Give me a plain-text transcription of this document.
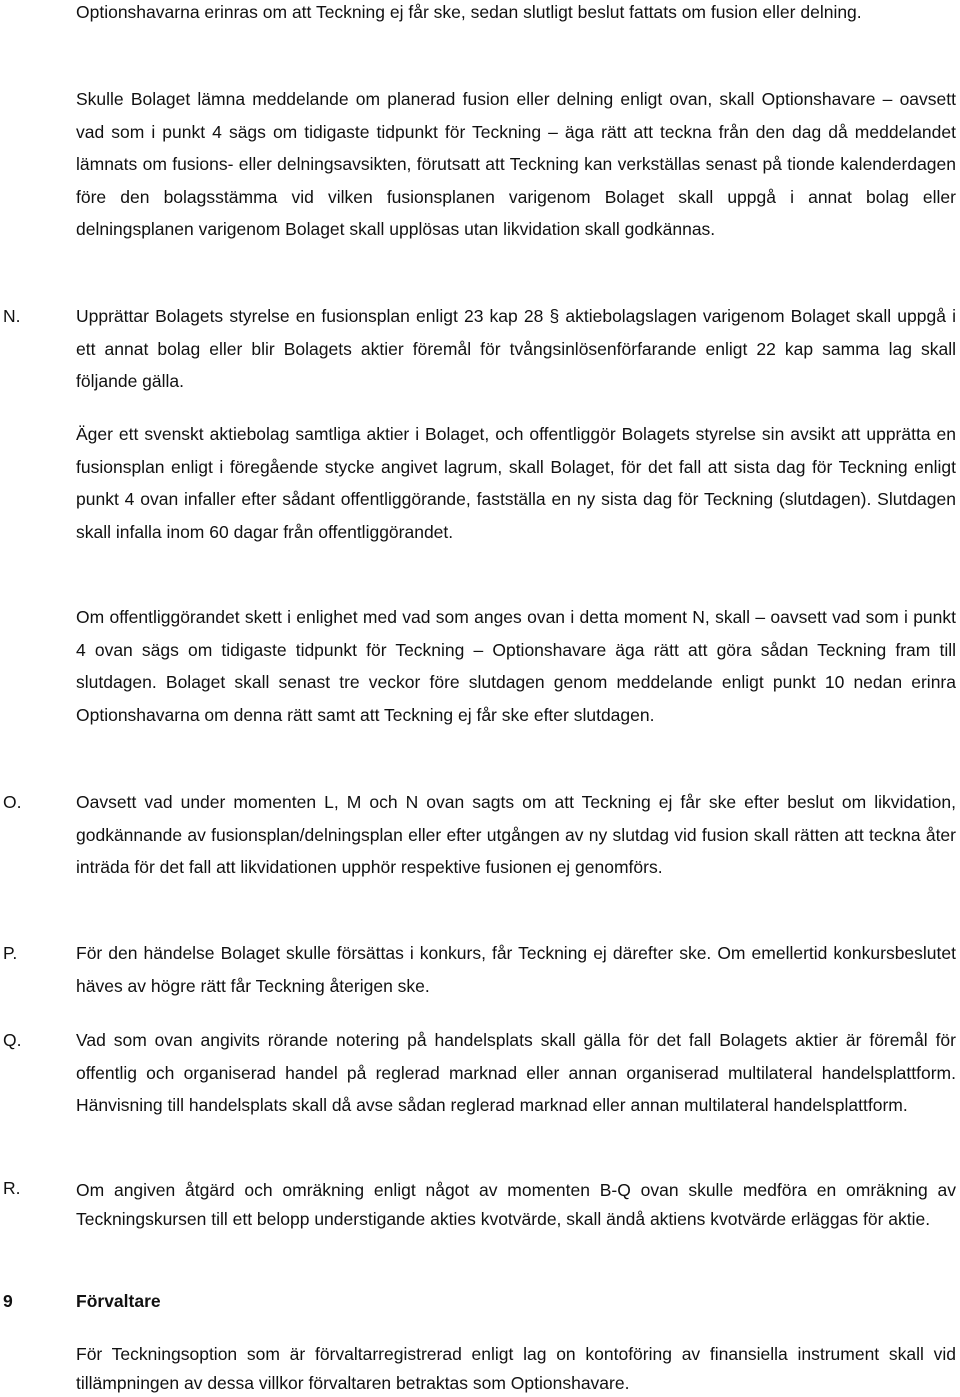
Optionshavarna erinras om att Teckning ej får ske, sedan slutligt beslut fattats om fusion eller delning.

Skulle Bolaget lämna meddelande om planerad fusion eller delning enligt ovan, skall Optionshavare – oavsett vad som i punkt 4 sägs om tidigaste tidpunkt för Teckning – äga rätt att teckna från den dag då meddelandet lämnats om fusions- eller delningsavsikten, förutsatt att Teckning kan verkställas senast på tionde kalenderdagen före den bolagsstämma vid vilken fusionsplanen varigenom Bolaget skall uppgå i annat bolag eller delningsplanen varigenom Bolaget skall upplösas utan likvidation skall godkännas.

N.	Upprättar Bolagets styrelse en fusionsplan enligt 23 kap 28 § aktiebolagslagen varigenom Bolaget skall uppgå i ett annat bolag eller blir Bolagets aktier föremål för tvångsinlösenförfarande enligt 22 kap samma lag skall följande gälla.

Äger ett svenskt aktiebolag samtliga aktier i Bolaget, och offentliggör Bolagets styrelse sin avsikt att upprätta en fusionsplan enligt i föregående stycke angivet lagrum, skall Bolaget, för det fall att sista dag för Teckning enligt punkt 4 ovan infaller efter sådant offentliggörande, fastställa en ny sista dag för Teckning (slutdagen). Slutdagen skall infalla inom 60 dagar från offentliggörandet.

Om offentliggörandet skett i enlighet med vad som anges ovan i detta moment N, skall – oavsett vad som i punkt 4 ovan sägs om tidigaste tidpunkt för Teckning – Optionshavare äga rätt att göra sådan Teckning fram till slutdagen. Bolaget skall senast tre veckor före slutdagen genom meddelande enligt punkt 10 nedan erinra Optionshavarna om denna rätt samt att Teckning ej får ske efter slutdagen.

O.	Oavsett vad under momenten L, M och N ovan sagts om att Teckning ej får ske efter beslut om likvidation, godkännande av fusionsplan/delningsplan eller efter utgången av ny slutdag vid fusion skall rätten att teckna åter inträda för det fall att likvidationen upphör respektive fusionen ej genomförs.

P.	För den händelse Bolaget skulle försättas i konkurs, får Teckning ej därefter ske. Om emellertid konkursbeslutet häves av högre rätt får Teckning återigen ske.

Q.	Vad som ovan angivits rörande notering på handelsplats skall gälla för det fall Bolagets aktier är föremål för offentlig och organiserad handel på reglerad marknad eller annan organiserad multilateral handelsplattform. Hänvisning till handelsplats skall då avse sådan reglerad marknad eller annan multilateral handelsplattform.

R.	Om angiven åtgärd och omräkning enligt något av momenten B-Q ovan skulle medföra en omräkning av Teckningskursen till ett belopp understigande akties kvotvärde, skall ändå aktiens kvotvärde erläggas för aktie.

9	Förvaltare

För Teckningsoption som är förvaltarregistrerad enligt lag on kontoföring av finansiella instrument skall vid tillämpningen av dessa villkor förvaltaren betraktas som Optionshavare.
